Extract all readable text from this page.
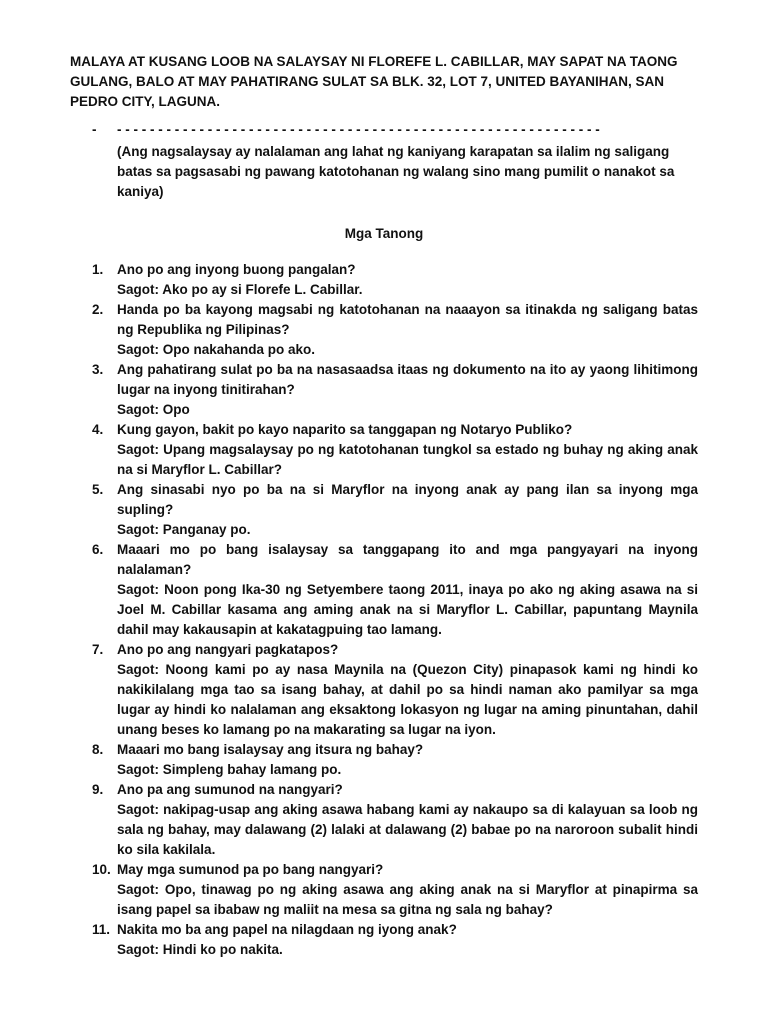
MALAYA AT KUSANG LOOB NA SALAYSAY NI FLOREFE L. CABILLAR, MAY SAPAT NA TAONG GULANG, BALO AT MAY PAHATIRANG SULAT SA BLK. 32, LOT 7, UNITED BAYANIHAN, SAN PEDRO CITY, LAGUNA.

-	- - - - - - - - - - - - - - - - - - - - - - - - - - - - - - - - - - - - - - - - - - - - - - - - - - - - - - - - - - -

(Ang nagsalaysay ay nalalaman ang lahat ng kaniyang karapatan sa ilalim ng saligang batas sa pagsasabi ng pawang katotohanan ng walang sino mang pumilit o nanakot sa kaniya)

Mga Tanong

1.	Ano po ang inyong buong pangalan?

Sagot: Ako po ay si Florefe L. Cabillar.

2.	Handa po ba kayong magsabi ng katotohanan na naaayon sa itinakda ng saligang batas ng Republika ng Pilipinas?

Sagot: Opo nakahanda po ako.

3.	Ang pahatirang sulat po ba na nasasaadsa itaas ng dokumento na ito ay yaong lihitimong lugar na inyong tinitirahan?

Sagot: Opo

4.	Kung gayon, bakit po kayo naparito sa tanggapan ng Notaryo Publiko?

Sagot: Upang magsalaysay po ng katotohanan tungkol sa estado ng buhay ng aking anak na si Maryflor L. Cabillar?

5.	Ang sinasabi nyo po ba na si Maryflor na inyong anak ay pang ilan sa inyong mga supling?

Sagot: Panganay po.

6.	Maaari mo po bang isalaysay sa tanggapang ito and mga pangyayari na inyong nalalaman?

Sagot: Noon pong Ika-30 ng Setyembere taong 2011, inaya po ako ng aking asawa na si Joel M. Cabillar kasama ang aming anak na si Maryflor L. Cabillar, papuntang Maynila dahil may kakausapin at kakatagpuing tao lamang.

7.	Ano po ang nangyari pagkatapos?

Sagot: Noong kami po ay nasa Maynila na (Quezon City) pinapasok kami ng hindi ko nakikilalang mga tao sa isang bahay, at dahil po sa hindi naman ako pamilyar sa mga lugar ay hindi ko nalalaman ang eksaktong lokasyon ng lugar na aming pinuntahan, dahil unang beses ko lamang po na makarating sa lugar na iyon.

8.	Maaari mo bang isalaysay ang itsura ng bahay?

Sagot: Simpleng bahay lamang po.

9.	Ano pa ang sumunod na nangyari?

Sagot: nakipag-usap ang aking asawa habang kami ay nakaupo sa di kalayuan sa loob ng sala ng bahay, may dalawang (2) lalaki at dalawang (2) babae po na naroroon subalit hindi ko sila kakilala.

10. May mga sumunod pa po bang nangyari?

Sagot: Opo, tinawag po ng aking asawa ang aking anak na si Maryflor at pinapirma sa isang papel sa ibabaw ng maliit na mesa sa gitna ng sala ng bahay?

11. Nakita mo ba ang papel na nilagdaan ng iyong anak?

Sagot: Hindi ko po nakita.
